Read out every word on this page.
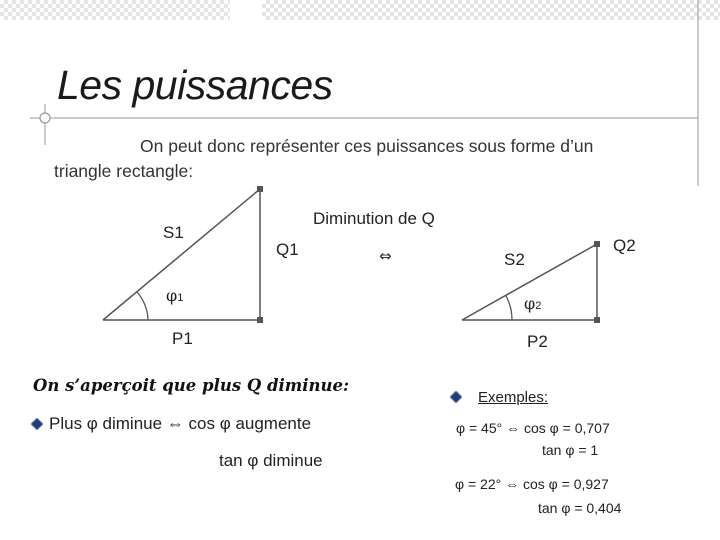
Les puissances
On peut donc représenter ces puissances sous forme d’un
triangle rectangle:
S1
Q1
P1
φ1
Diminution de Q
⇔	S2
Q2
P2
φ2
On s’aperçoit que plus Q diminue:
Plus φ diminue ⇔ cos φ augmente
tan φ diminue
Exemples:
φ = 45° ⇔ cos φ = 0,707
tan φ = 1
φ = 22° ⇔ cos φ = 0,927
tan φ = 0,404
